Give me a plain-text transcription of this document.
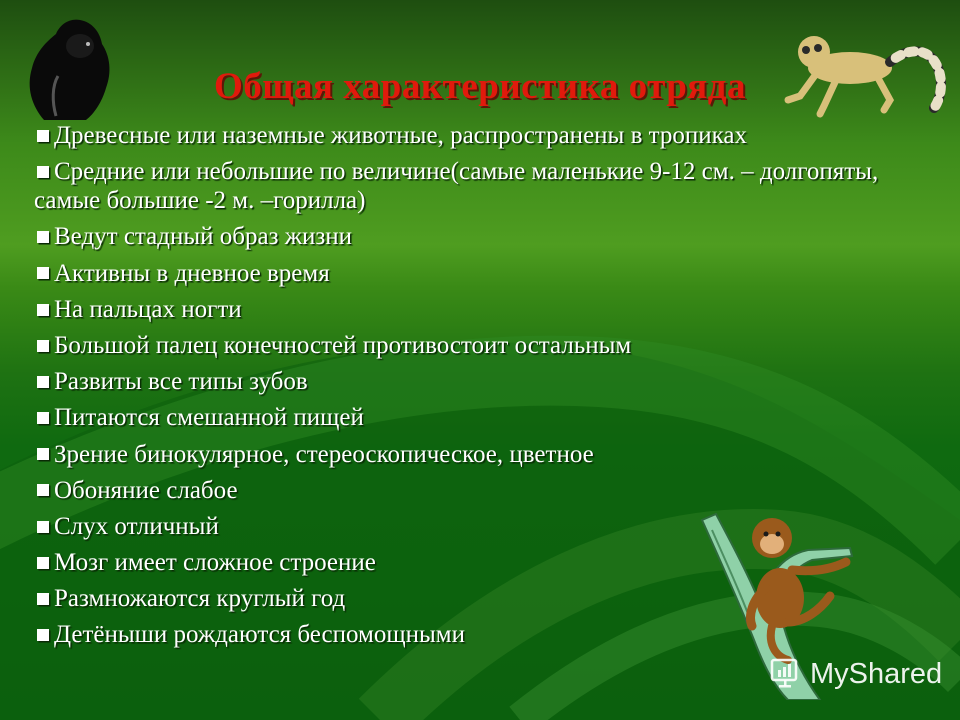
Общая характеристика отряда
Древесные или наземные животные, распространены в тропиках
Средние или небольшие по величине(самые маленькие 9-12 см. – долгопяты, самые большие -2 м. –горилла)
Ведут стадный образ жизни
Активны в дневное время
На пальцах ногти
Большой палец конечностей противостоит остальным
Развиты все типы зубов
Питаются смешанной пищей
Зрение бинокулярное, стереоскопическое, цветное
Обоняние слабое
Слух отличный
Мозг имеет сложное строение
Размножаются круглый год
Детёныши рождаются беспомощными
MyShared
